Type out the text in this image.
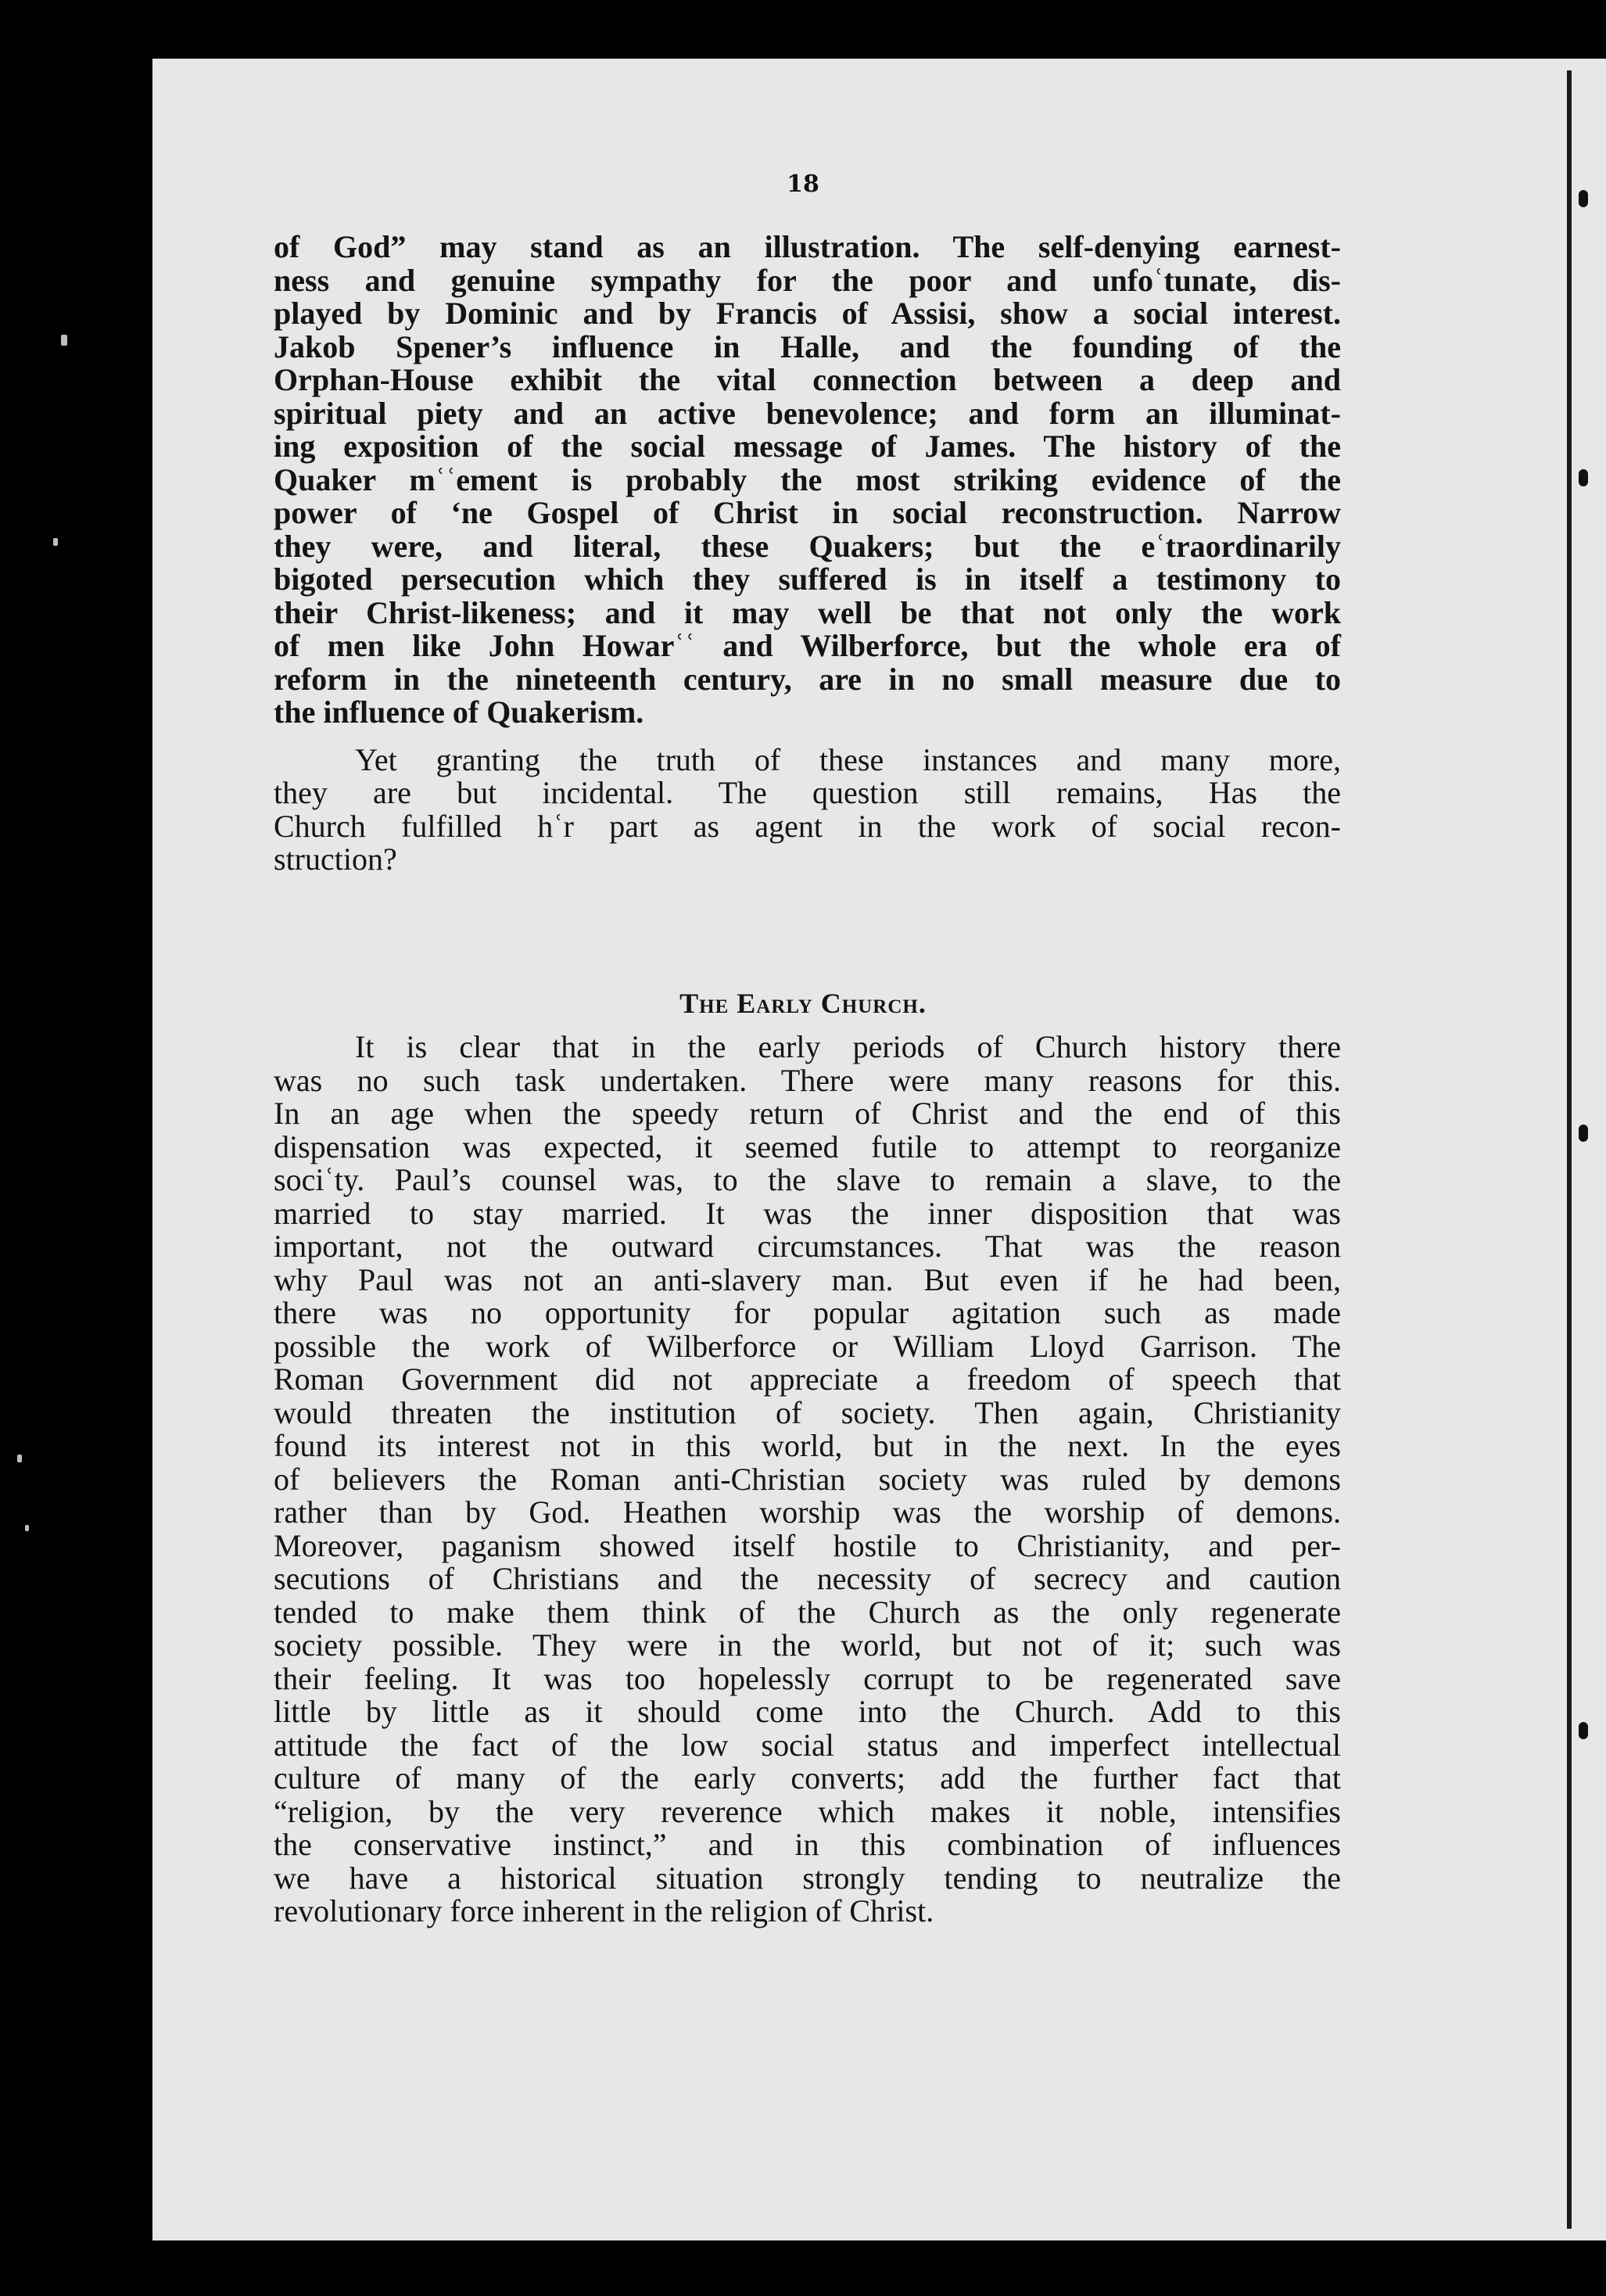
18

of God” may stand as an illustration. The self-denying earnest-
ness and genuine sympathy for the poor and unfoʿtunate, dis-
played by Dominic and by Francis of Assisi, show a social interest.
Jakob Spener’s influence in Halle, and the founding of the
Orphan-House exhibit the vital connection between a deep and
spiritual piety and an active benevolence; and form an illuminat-
ing exposition of the social message of James. The history of the
Quaker mʿʿement is probably the most striking evidence of the
power of ʻne Gospel of Christ in social reconstruction. Narrow
they were, and literal, these Quakers; but the eʿtraordinarily
bigoted persecution which they suffered is in itself a testimony to
their Christ-likeness; and it may well be that not only the work
of men like John Howarʿʿ and Wilberforce, but the whole era of
reform in the nineteenth century, are in no small measure due to
the influence of Quakerism.

Yet granting the truth of these instances and many more,
they are but incidental. The question still remains, Has the
Church fulfilled hʿr part as agent in the work of social recon-
struction?

The Early Church.

It is clear that in the early periods of Church history there
was no such task undertaken. There were many reasons for this.
In an age when the speedy return of Christ and the end of this
dispensation was expected, it seemed futile to attempt to reorganize
sociʿty. Paul’s counsel was, to the slave to remain a slave, to the
married to stay married. It was the inner disposition that was
important, not the outward circumstances. That was the reason
why Paul was not an anti-slavery man. But even if he had been,
there was no opportunity for popular agitation such as made
possible the work of Wilberforce or William Lloyd Garrison. The
Roman Government did not appreciate a freedom of speech that
would threaten the institution of society. Then again, Christianity
found its interest not in this world, but in the next. In the eyes
of believers the Roman anti-Christian society was ruled by demons
rather than by God. Heathen worship was the worship of demons.
Moreover, paganism showed itself hostile to Christianity, and per-
secutions of Christians and the necessity of secrecy and caution
tended to make them think of the Church as the only regenerate
society possible. They were in the world, but not of it; such was
their feeling. It was too hopelessly corrupt to be regenerated save
little by little as it should come into the Church. Add to this
attitude the fact of the low social status and imperfect intellectual
culture of many of the early converts; add the further fact that
“religion, by the very reverence which makes it noble, intensifies
the conservative instinct,” and in this combination of influences
we have a historical situation strongly tending to neutralize the
revolutionary force inherent in the religion of Christ.
